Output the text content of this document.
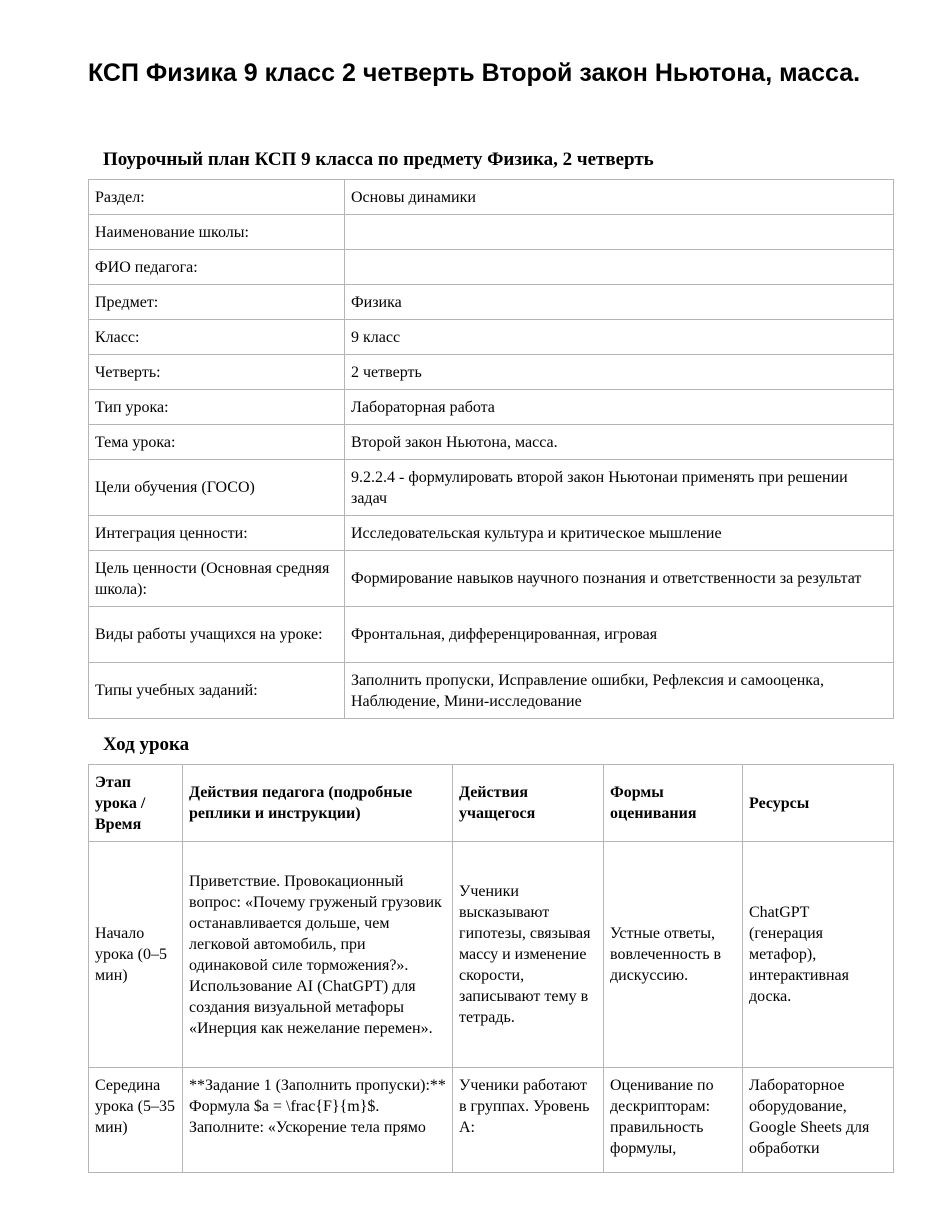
КСП Физика 9 класс 2 четверть Второй закон Ньютона, масса.

Поурочный план КСП 9 класса по предмету Физика, 2 четверть

Раздел:	Основы динамики
Наименование школы:	
ФИО педагога:	
Предмет:	Физика
Класс:	9 класс
Четверть:	2 четверть
Тип урока:	Лабораторная работа
Тема урока:	Второй закон Ньютона, масса.
Цели обучения (ГОСО)	9.2.2.4 - формулировать второй закон Ньютонаи применять при решении задач
Интеграция ценности:	Исследовательская культура и критическое мышление
Цель ценности (Основная средняя школа):	Формирование навыков научного познания и ответственности за результат
Виды работы учащихся на уроке:	Фронтальная, дифференцированная, игровая
Типы учебных заданий:	Заполнить пропуски, Исправление ошибки, Рефлексия и самооценка, Наблюдение, Мини-исследование

Ход урока

Этап урока / Время	Действия педагога (подробные реплики и инструкции)	Действия учащегося	Формы оценивания	Ресурсы
Начало урока (0–5 мин)	Приветствие. Провокационный вопрос: «Почему груженый грузовик останавливается дольше, чем легковой автомобиль, при одинаковой силе торможения?». Использование AI (ChatGPT) для создания визуальной метафоры «Инерция как нежелание перемен».	Ученики высказывают гипотезы, связывая массу и изменение скорости, записывают тему в тетрадь.	Устные ответы, вовлеченность в дискуссию.	ChatGPT (генерация метафор), интерактивная доска.
Середина урока (5–35 мин)	**Задание 1 (Заполнить пропуски):** Формула $a = \frac{F}{m}$. Заполните: «Ускорение тела прямо	Ученики работают в группах. Уровень А:	Оценивание по дескрипторам: правильность формулы,	Лабораторное оборудование, Google Sheets для обработки
